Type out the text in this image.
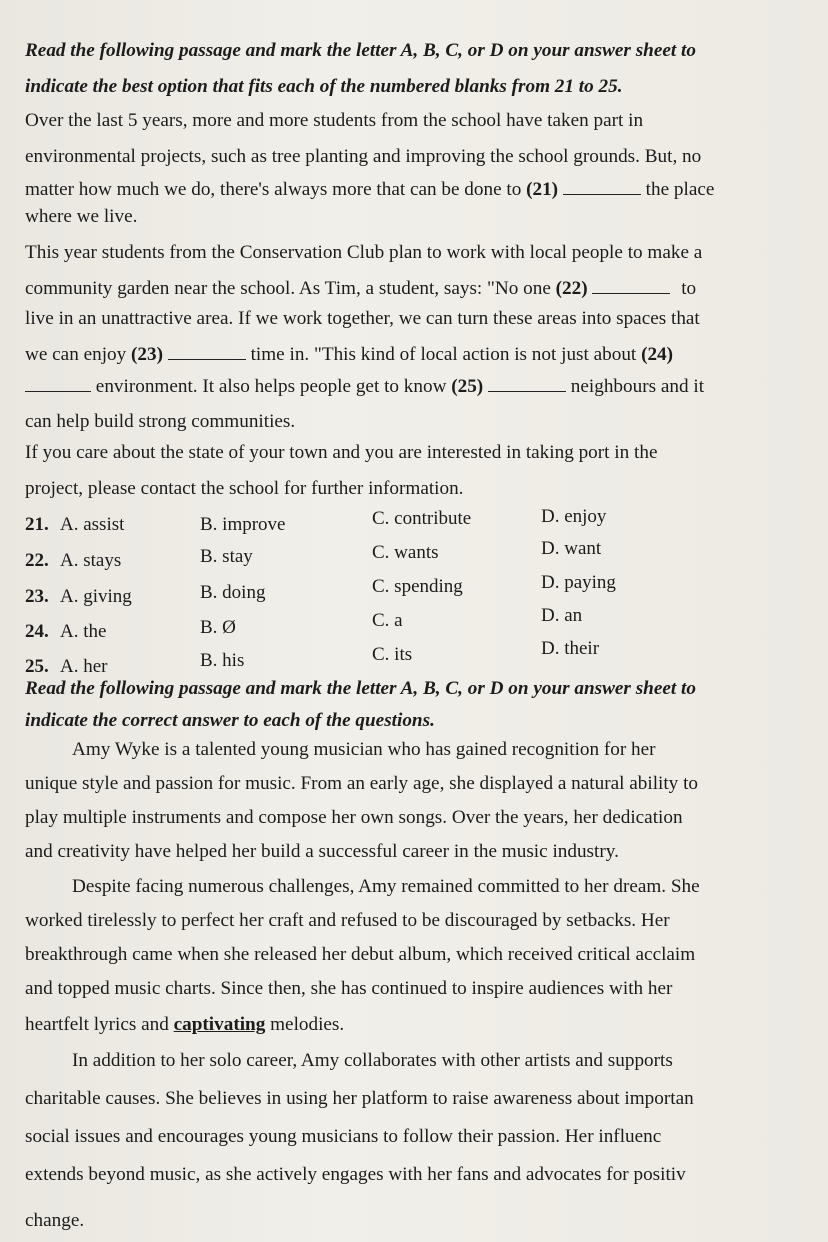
Read the following passage and mark the letter A, B, C, or D on your answer sheet to
indicate the best option that fits each of the numbered blanks from 21 to 25.
Over the last 5 years, more and more students from the school have taken part in
environmental projects, such as tree planting and improving the school grounds. But, no
matter how much we do, there's always more that can be done to (21)	the place
where we live.
This year students from the Conservation Club plan to work with local people to make a
community garden near the school. As Tim, a student, says: "No one (22)	to
live in an unattractive area. If we work together, we can turn these areas into spaces that
we can enjoy (23)	time in. "This kind of local action is not just about (24)
environment. It also helps people get to know (25)	neighbours and it
can help build strong communities.
If you care about the state of your town and you are interested in taking port in the
project, please contact the school for further information.
21. A. assist	B. improve	C. contribute	D. enjoy
22. A. stays	B. stay	C. wants	D. want
23. A. giving	B. doing	C. spending	D. paying
24. A. the	B. Ø	C. a	D. an
25. A. her	B. his	C. its	D. their
Read the following passage and mark the letter A, B, C, or D on your answer sheet to
indicate the correct answer to each of the questions.
Amy Wyke is a talented young musician who has gained recognition for her
unique style and passion for music. From an early age, she displayed a natural ability to
play multiple instruments and compose her own songs. Over the years, her dedication
and creativity have helped her build a successful career in the music industry.
Despite facing numerous challenges, Amy remained committed to her dream. She
worked tirelessly to perfect her craft and refused to be discouraged by setbacks. Her
breakthrough came when she released her debut album, which received critical acclaim
and topped music charts. Since then, she has continued to inspire audiences with her
heartfelt lyrics and captivating melodies.
In addition to her solo career, Amy collaborates with other artists and supports
charitable causes. She believes in using her platform to raise awareness about importan
social issues and encourages young musicians to follow their passion. Her influenc
extends beyond music, as she actively engages with her fans and advocates for positiv
change.
